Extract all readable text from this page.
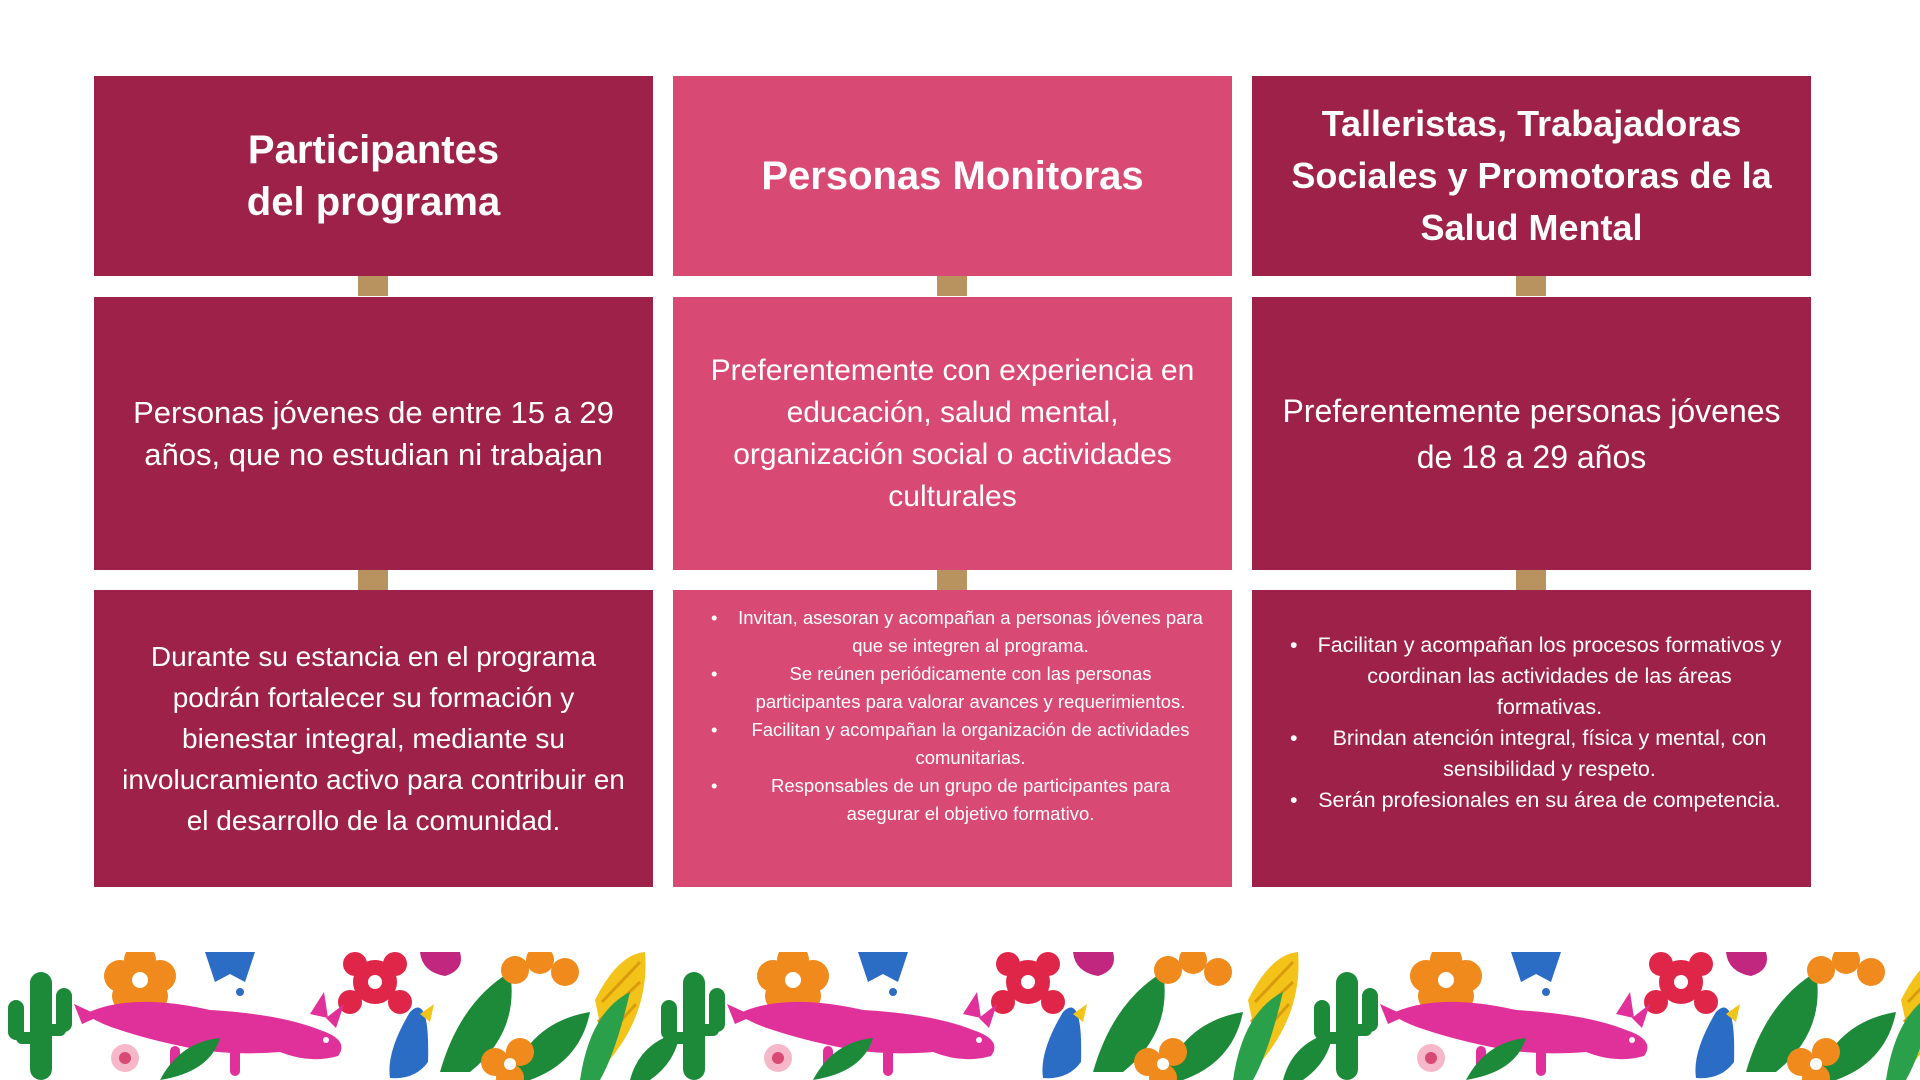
Participantes
del programa
Personas jóvenes de entre 15 a 29 años, que no estudian ni trabajan
Durante su estancia en el programa podrán fortalecer su formación y bienestar integral, mediante su involucramiento activo para contribuir en el desarrollo de la comunidad.
Personas Monitoras
Preferentemente con experiencia en educación, salud mental, organización social o actividades culturales
• Invitan, asesoran y acompañan a personas jóvenes para que se integren al programa.
• Se reúnen periódicamente con las personas participantes para valorar avances y requerimientos.
• Facilitan y acompañan la organización de actividades comunitarias.
• Responsables de un grupo de participantes para asegurar el objetivo formativo.
Talleristas, Trabajadoras
Sociales y Promotoras de la
Salud Mental
Preferentemente personas jóvenes de 18 a 29 años
• Facilitan y acompañan los procesos formativos y coordinan las actividades de las áreas formativas.
• Brindan atención integral, física y mental, con sensibilidad y respeto.
• Serán profesionales en su área de competencia.
